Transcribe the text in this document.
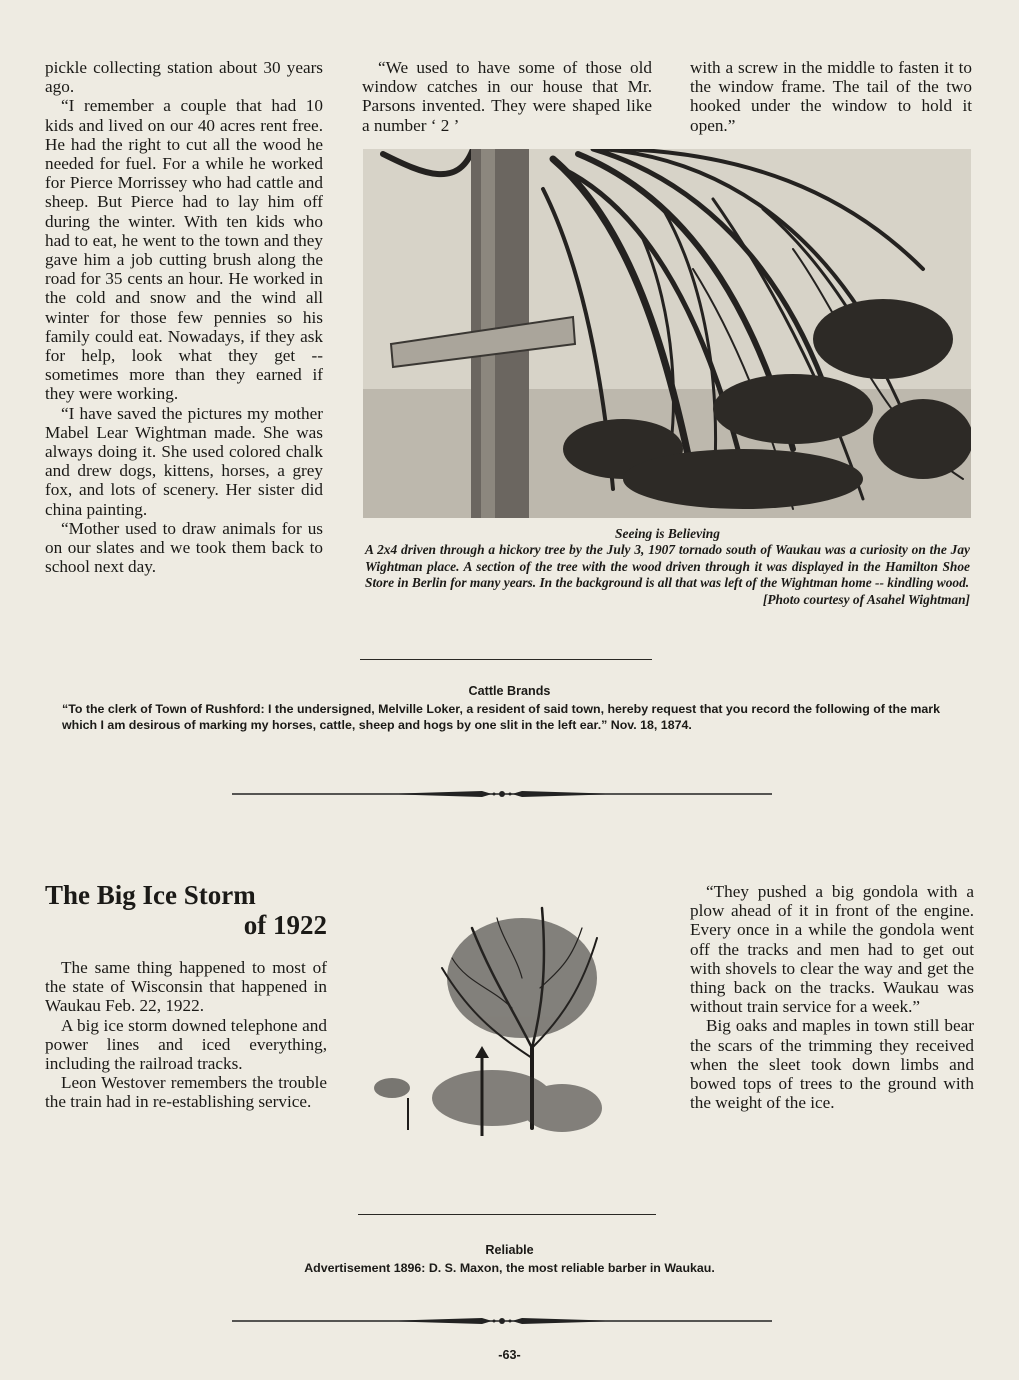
pickle collecting station about 30 years ago.

“I remember a couple that had 10 kids and lived on our 40 acres rent free. He had the right to cut all the wood he needed for fuel. For a while he worked for Pierce Morrissey who had cattle and sheep. But Pierce had to lay him off during the winter. With ten kids who had to eat, he went to the town and they gave him a job cutting brush along the road for 35 cents an hour. He worked in the cold and snow and the wind all winter for those few pennies so his family could eat. Nowadays, if they ask for help, look what they get -- sometimes more than they earned if they were working.

“I have saved the pictures my mother Mabel Lear Wightman made. She was always doing it. She used colored chalk and drew dogs, kittens, horses, a grey fox, and lots of scenery. Her sister did china painting.

“Mother used to draw animals for us on our slates and we took them back to school next day.

“We used to have some of those old window catches in our house that Mr. Parsons invented. They were shaped like a number ‘ 2 ’

with a screw in the middle to fasten it to the window frame. The tail of the two hooked under the window to hold it open.”

Seeing is Believing
A 2x4 driven through a hickory tree by the July 3, 1907 tornado south of Waukau was a curiosity on the Jay Wightman place. A section of the tree with the wood driven through it was displayed in the Hamilton Shoe Store in Berlin for many years. In the background is all that was left of the Wightman home -- kindling wood.
[Photo courtesy of Asahel Wightman]
Cattle Brands
“To the clerk of Town of Rushford: I the undersigned, Melville Loker, a resident of said town, hereby request that you record the following of the mark which I am desirous of marking my horses, cattle, sheep and hogs by one slit in the left ear.” Nov. 18, 1874.
The Big Ice Storm
of 1922

The same thing happened to most of the state of Wisconsin that happened in Waukau Feb. 22, 1922.

A big ice storm downed telephone and power lines and iced everything, including the railroad tracks.

Leon Westover remembers the trouble the train had in re-establishing service.

“They pushed a big gondola with a plow ahead of it in front of the engine. Every once in a while the gondola went off the tracks and men had to get out with shovels to clear the way and get the thing back on the tracks. Waukau was without train service for a week.”

Big oaks and maples in town still bear the scars of the trimming they received when the sleet took down limbs and bowed tops of trees to the ground with the weight of the ice.

Reliable
Advertisement 1896: D. S. Maxon, the most reliable barber in Waukau.
-63-
